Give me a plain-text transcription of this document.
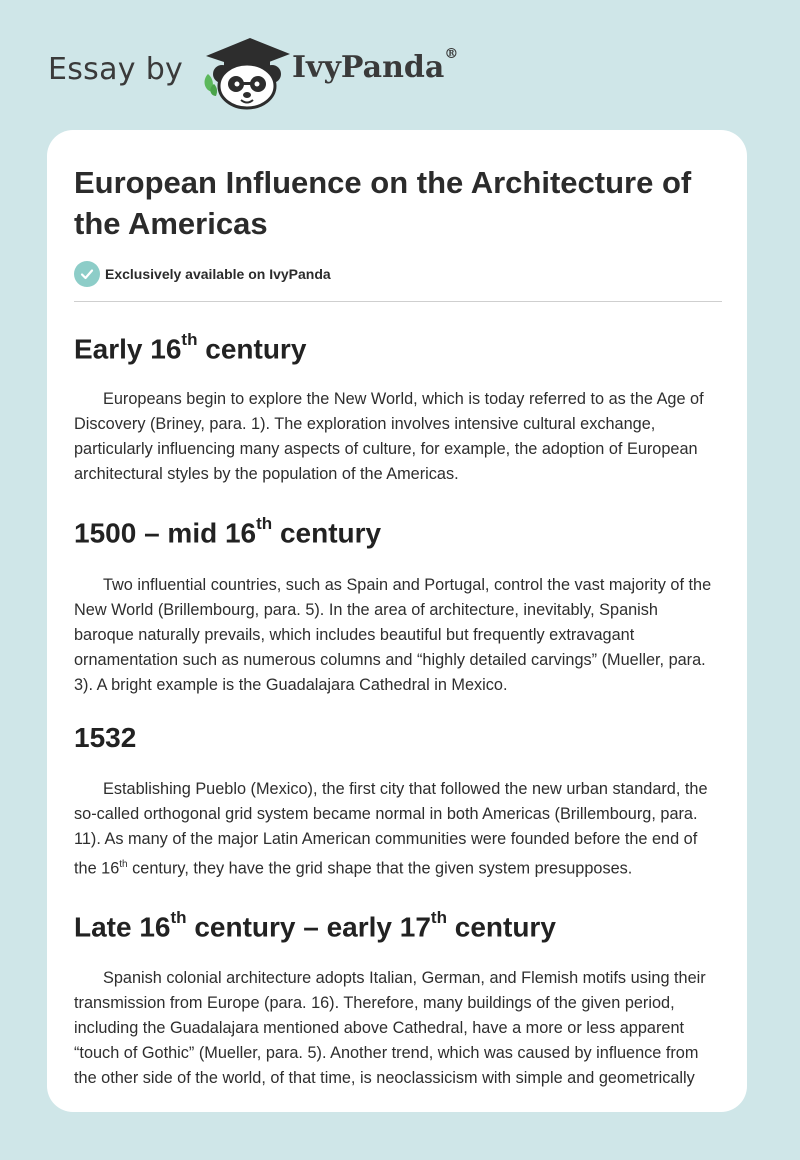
Essay by	IvyPanda®
European Influence on the Architecture of the Americas
Exclusively available on IvyPanda
Early 16th century

Europeans begin to explore the New World, which is today referred to as the Age of Discovery (Briney, para. 1). The exploration involves intensive cultural exchange, particularly influencing many aspects of culture, for example, the adoption of European architectural styles by the population of the Americas.

1500 – mid 16th century

Two influential countries, such as Spain and Portugal, control the vast majority of the New World (Brillembourg, para. 5). In the area of architecture, inevitably, Spanish baroque naturally prevails, which includes beautiful but frequently extravagant ornamentation such as numerous columns and “highly detailed carvings” (Mueller, para. 3). A bright example is the Guadalajara Cathedral in Mexico.

1532

Establishing Pueblo (Mexico), the first city that followed the new urban standard, the so-called orthogonal grid system became normal in both Americas (Brillembourg, para. 11). As many of the major Latin American communities were founded before the end of the 16th century, they have the grid shape that the given system presupposes.

Late 16th century – early 17th century

Spanish colonial architecture adopts Italian, German, and Flemish motifs using their transmission from Europe (para. 16). Therefore, many buildings of the given period, including the Guadalajara mentioned above Cathedral, have a more or less apparent “touch of Gothic” (Mueller, para. 5). Another trend, which was caused by influence from the other side of the world, of that time, is neoclassicism with simple and geometrically
